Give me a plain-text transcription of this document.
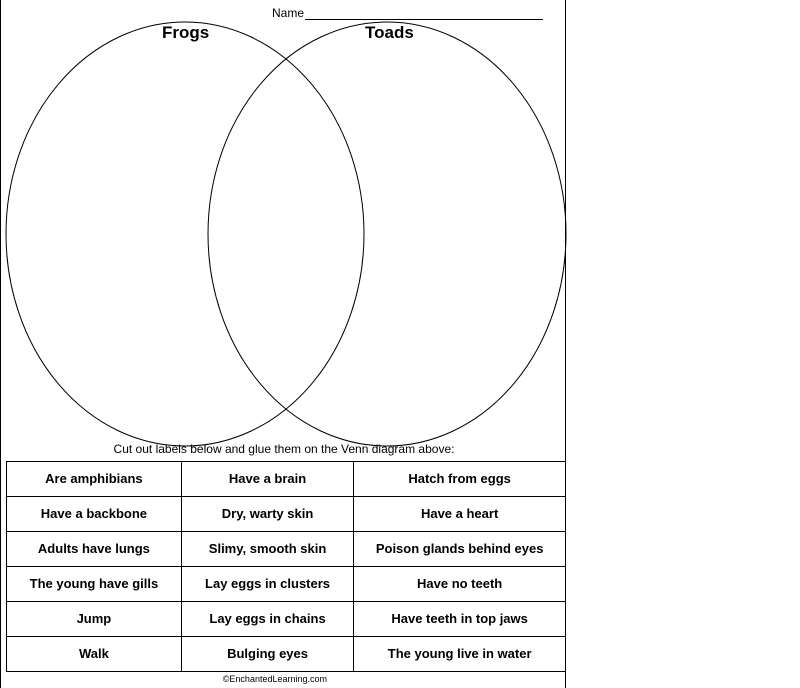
Name
Frogs	Toads
Cut out labels below and glue them on the Venn diagram above:
Are amphibians	Have a brain	Hatch from eggs
Have a backbone	Dry, warty skin	Have a heart
Adults have lungs	Slimy, smooth skin	Poison glands behind eyes
The young have gills	Lay eggs in clusters	Have no teeth
Jump	Lay eggs in chains	Have teeth in top jaws
Walk	Bulging eyes	The young live in water
©EnchantedLearning.com
